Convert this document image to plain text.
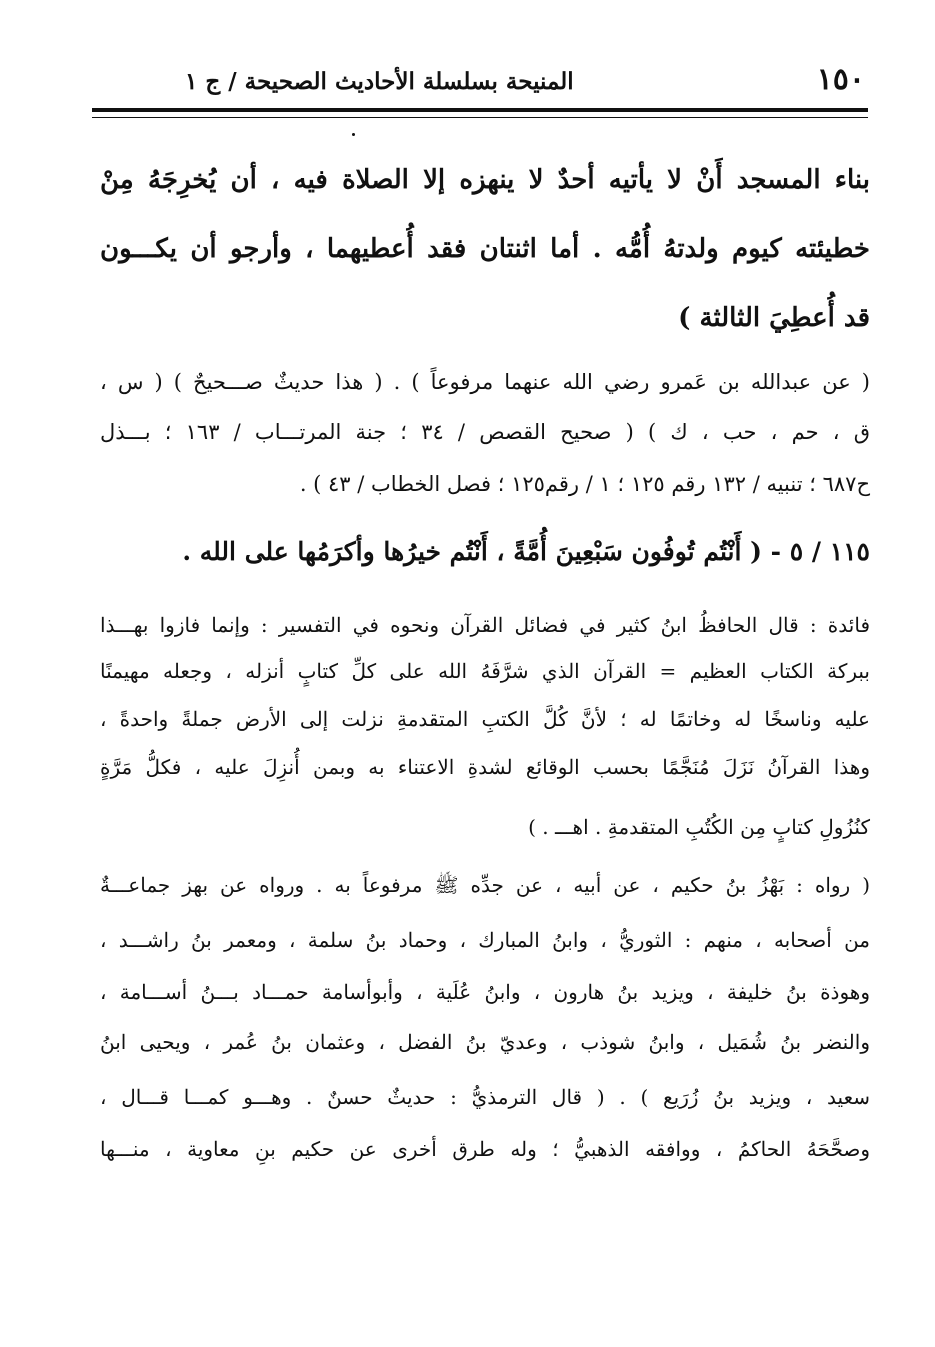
١٥٠
المنيحة بسلسلة الأحاديث الصحيحة / ج ١
بناء المسجد أَنْ لا يأتيه أحدٌ لا ينهزه إلا الصلاة فيه ، أن يُخرِجَهُ مِنْ
خطيئته كيوم ولدتهُ أُمُّه . أما اثنتان فقد أُعطيهما ، وأرجو أن يكـــون
قد أُعطِيَ الثالثة )
( عن عبدالله بن عَمرو رضي الله عنهما مرفوعاً ) . ( هذا حديثٌ صـــحيحٌ ) ( س ،
ق ، حم ، حب ، ك ) ( صحيح القصص / ٣٤ ؛ جنة المرتـــاب / ١٦٣ ؛ بـــذل
ح٦٨٧ ؛ تنبيه / ١٣٢ رقم ١٢٥ ؛ ١ / رقم١٢٥ ؛ فصل الخطاب / ٤٣ ) .
١١٥ / ٥ - ( أَنْتُم تُوفُون سَبْعِينَ أُمَّةً ، أَنْتُم خيرُها وأكرَمُها على الله .
فائدة : قال الحافظُ ابنُ كثير في فضائل القرآن ونحوه في التفسير : وإنما فازوا بهـــذا
ببركة الكتاب العظيم = القرآن الذي شرَّفَهُ الله على كلِّ كتابٍ أنزله ، وجعله مهيمنًا
عليه وناسخًا له وخاتمًا له ؛ لأنَّ كُلَّ الكتبِ المتقدمةِ نزلت إلى الأرض جملةً واحدةً ،
وهذا القرآنُ نَزَلَ مُنَجَّمًا بحسب الوقائع لشدةِ الاعتناء به وبمن أُنزِلَ عليه ، فكلُّ مَرَّةٍ
كنُزُولِ كتابٍ مِن الكُتُبِ المتقدمةِ . اهـــ . )
( رواه : بَهْزُ بنُ حكيم ، عن أبيه ، عن جدِّه ﷺ مرفوعاً به . ورواه عن بهز جماعـــةٌ
من أصحابه ، منهم : الثوريُّ ، وابنُ المبارك ، وحماد بنُ سلمة ، ومعمر بنُ راشـــد ،
وهوذة بنُ خليفة ، ويزيد بنُ هارون ، وابنُ عُلَية ، وأبوأسامة حمـــاد بـــنُ أســـامة ،
والنضر بنُ شُمَيل ، وابنُ شوذب ، وعديّ بنُ الفضل ، وعثمان بنُ عُمر ، ويحيى ابنُ
سعيد ، ويزيد بنُ زُرَيع ) . ( قال الترمذيُّ : حديثٌ حسنٌ . وهـــو كمـــا قـــال ،
وصحَّحَهُ الحاكمُ ، ووافقه الذهبيُّ ؛ وله طرق أخرى عن حكيم بنِ معاوية ، منـــها
